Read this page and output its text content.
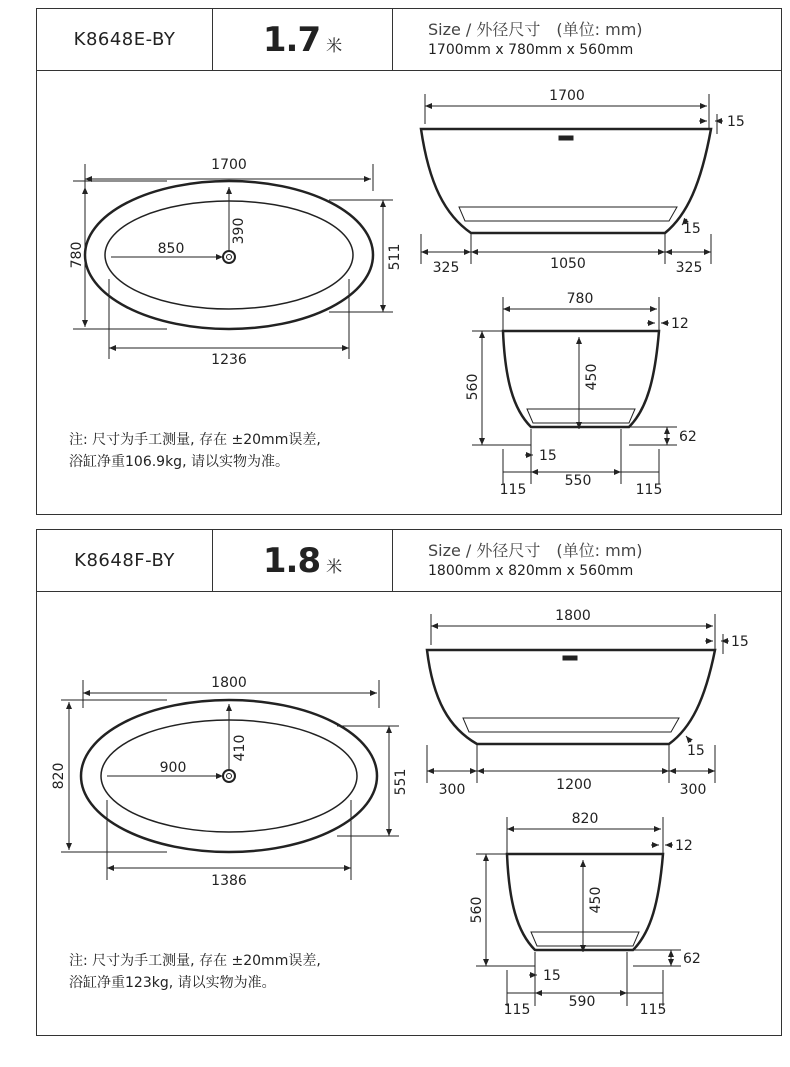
K8648E-BY	1.7 米
Size / 外径尺寸　(单位: mm)
1700mm x 780mm x 560mm
1700
780	850
390
511
1236
1700
15
15
325	1050	325
780
12
560	450
62
15
115
550
115
注: 尺寸为手工测量, 存在 ±20mm误差,
浴缸净重106.9kg, 请以实物为准。
K8648F-BY	1.8 米
Size / 外径尺寸　(单位: mm)
1800mm x 820mm x 560mm
1800
820	900
410
551
1386
1800
15
15
300	1200	300
820
12
560	450
62
15
115	590	115
注: 尺寸为手工测量, 存在 ±20mm误差,
浴缸净重123kg, 请以实物为准。
